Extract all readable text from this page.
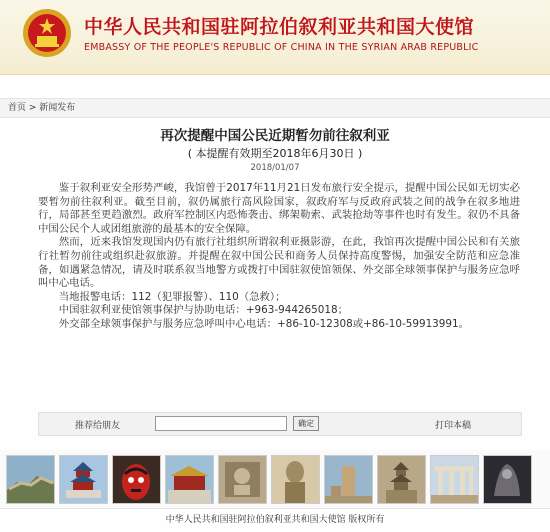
中华人民共和国驻阿拉伯叙利亚共和国大使馆
EMBASSY OF THE PEOPLE'S REPUBLIC OF CHINA IN THE SYRIAN ARAB REPUBLIC
首页 > 新闻发布
再次提醒中国公民近期暂勿前往叙利亚
( 本提醒有效期至2018年6月30日 )
2018/01/07

鉴于叙利亚安全形势严峻，我馆曾于2017年11月21日发布旅行安全提示，提醒中国公民如无切实必要暂勿前往叙利亚。截至目前，叙仍属旅行高风险国家，叙政府军与反政府武装之间的战争在叙多地进行，局部甚至更趋激烈。政府军控制区内恐怖袭击、绑架勒索、武装抢劫等事件也时有发生。叙仍不具备中国公民个人或团组旅游的最基本的安全保障。

然而，近来我馆发现国内仍有旅行社组织所谓叙利亚摄影游，在此，我馆再次提醒中国公民和有关旅行社暂勿前往或组织赴叙旅游。并提醒在叙中国公民和商务人员保持高度警惕，加强安全防范和应急准备，如遇紧急情况，请及时联系叙当地警方或拨打中国驻叙使馆领保、外交部全球领事保护与服务应急呼叫中心电话。

当地报警电话：112（犯罪报警）、110（急救）；

中国驻叙利亚使馆领事保护与协助电话：+963-944265018；

外交部全球领事保护与服务应急呼叫中心电话：+86-10-12308或+86-10-59913991。

推荐给朋友	确定	打印本稿
中华人民共和国驻阿拉伯叙利亚共和国大使馆 版权所有
